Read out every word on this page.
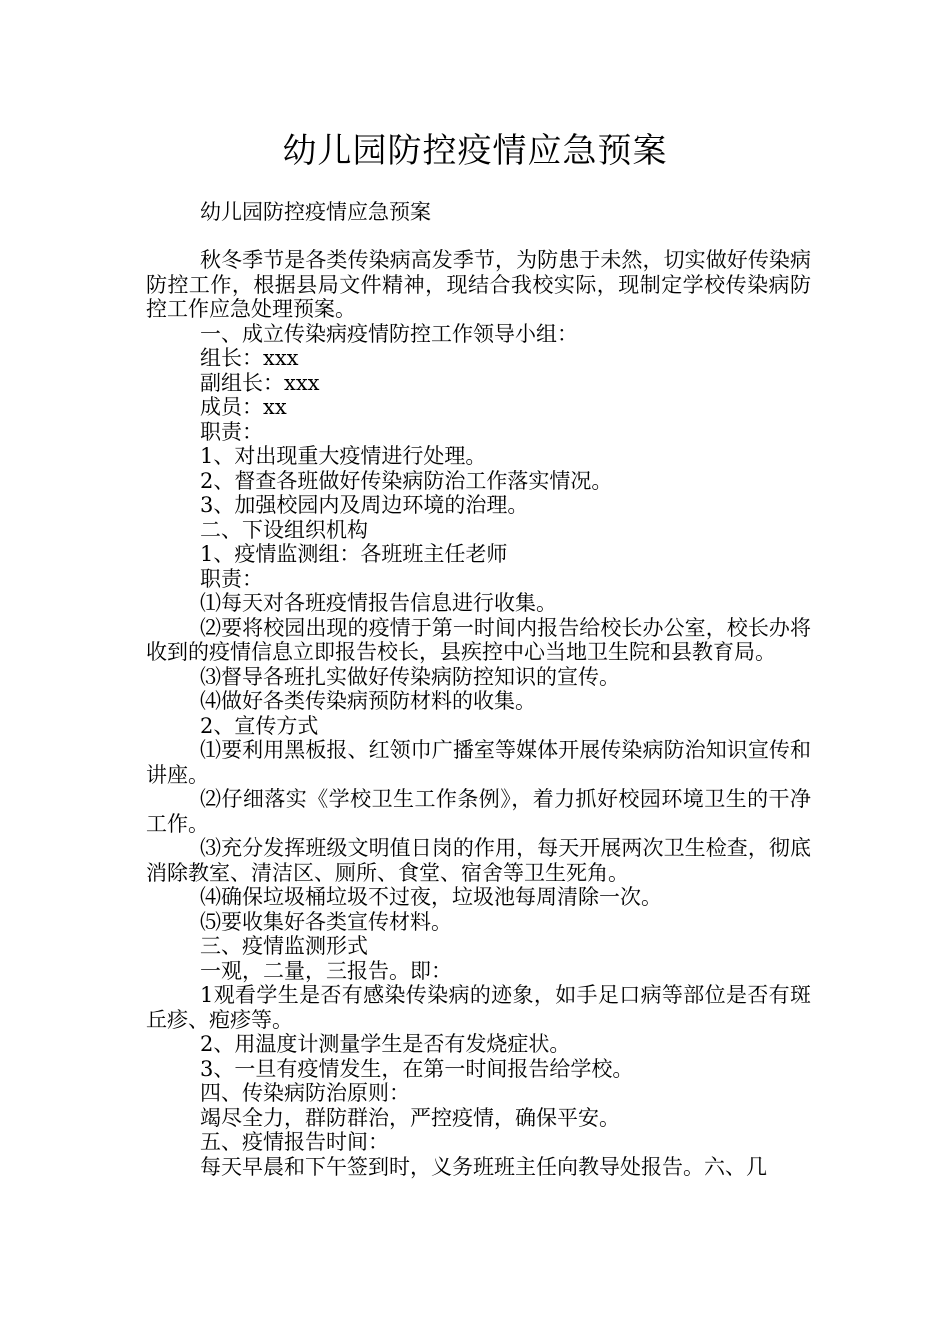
幼儿园防控疫情应急预案

幼儿园防控疫情应急预案

秋冬季节是各类传染病高发季节，为防患于未然，切实做好传染病防控工作，根据县局文件精神，现结合我校实际，现制定学校传染病防控工作应急处理预案。

一、成立传染病疫情防控工作领导小组：

组长：xxx

副组长：xxx

成员：xx

职责：

1、对出现重大疫情进行处理。

2、督查各班做好传染病防治工作落实情况。

3、加强校园内及周边环境的治理。

二、下设组织机构

1、疫情监测组：各班班主任老师

职责：

⑴每天对各班疫情报告信息进行收集。

⑵要将校园出现的疫情于第一时间内报告给校长办公室，校长办将收到的疫情信息立即报告校长，县疾控中心当地卫生院和县教育局。

⑶督导各班扎实做好传染病防控知识的宣传。

⑷做好各类传染病预防材料的收集。

2、宣传方式

⑴要利用黑板报、红领巾广播室等媒体开展传染病防治知识宣传和讲座。

⑵仔细落实《学校卫生工作条例》，着力抓好校园环境卫生的干净工作。

⑶充分发挥班级文明值日岗的作用，每天开展两次卫生检查，彻底消除教室、清洁区、厕所、食堂、宿舍等卫生死角。

⑷确保垃圾桶垃圾不过夜，垃圾池每周清除一次。

⑸要收集好各类宣传材料。

三、疫情监测形式

一观，二量，三报告。即：

1观看学生是否有感染传染病的迹象，如手足口病等部位是否有斑丘疹、疱疹等。

2、用温度计测量学生是否有发烧症状。

3、一旦有疫情发生，在第一时间报告给学校。

四、传染病防治原则：

竭尽全力，群防群治，严控疫情，确保平安。

五、疫情报告时间：

每天早晨和下午签到时，义务班班主任向教导处报告。六、几
